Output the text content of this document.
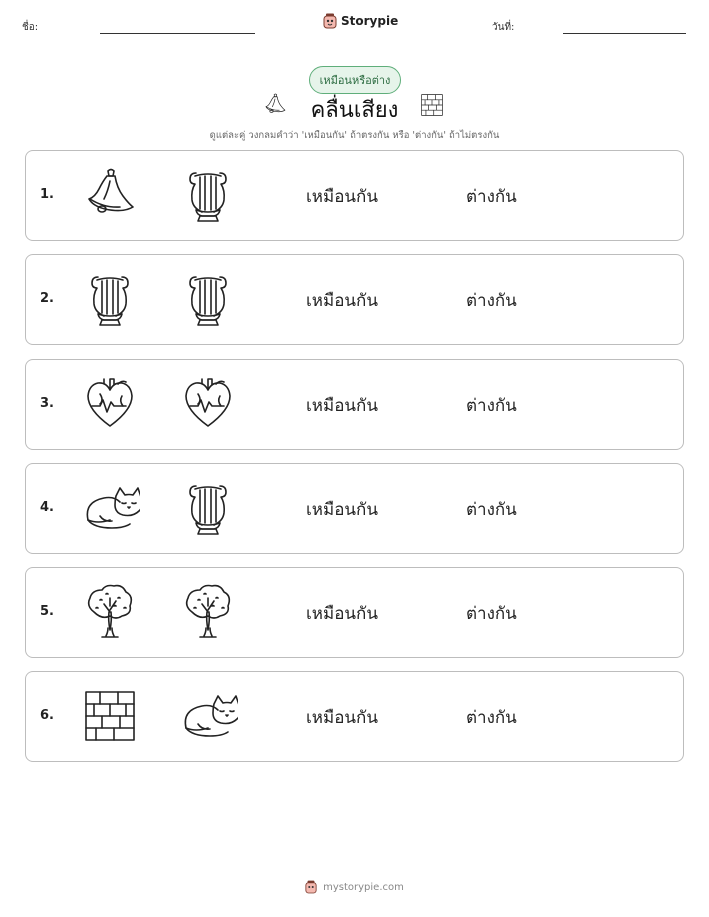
ชื่อ:	Storypie	วันที่:
เหมือนหรือต่าง
คลื่นเสียง
ดูแต่ละคู่ วงกลมคำว่า 'เหมือนกัน' ถ้าตรงกัน หรือ 'ต่างกัน' ถ้าไม่ตรงกัน
1.	เหมือนกัน	ต่างกัน
2.	เหมือนกัน	ต่างกัน
3.	เหมือนกัน	ต่างกัน
4.	เหมือนกัน	ต่างกัน
5.	เหมือนกัน	ต่างกัน
6.	เหมือนกัน	ต่างกัน
mystorypie.com
